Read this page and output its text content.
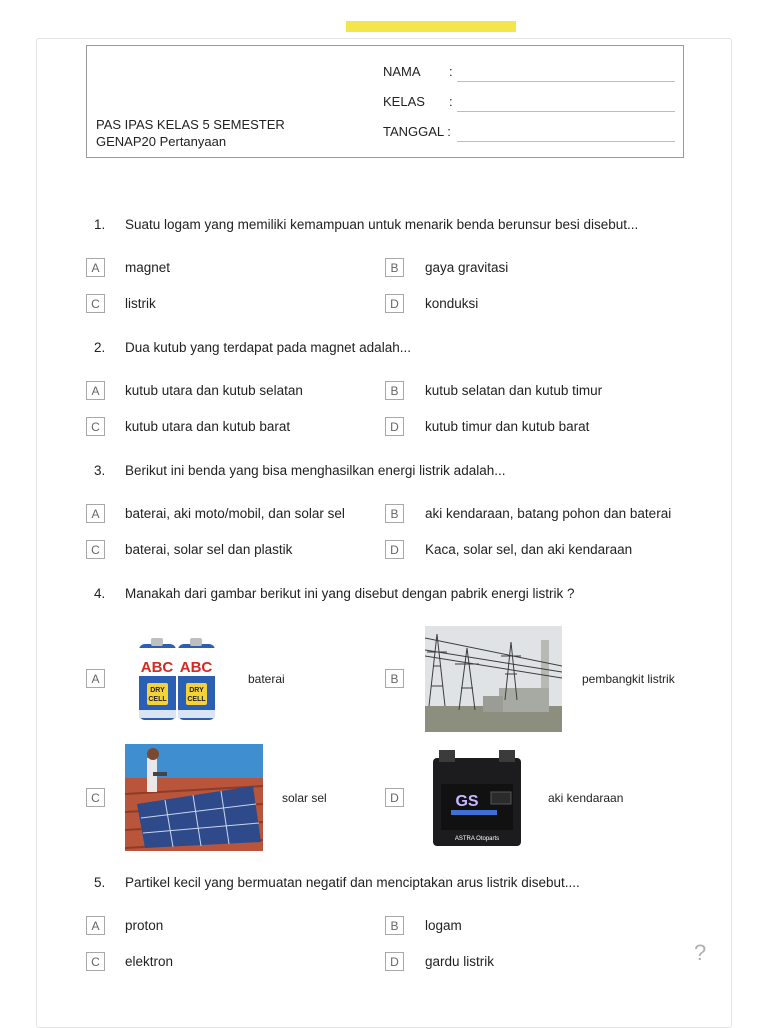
PAS IPAS KELAS 5 SEMESTER GENAP20 Pertanyaan
NAMA :
KELAS :
TANGGAL :
1. Suatu logam yang memiliki kemampuan untuk menarik benda berunsur besi disebut...
A	magnet	B	gaya gravitasi
C	listrik	D	konduksi
2. Dua kutub yang terdapat pada magnet adalah...
A	kutub utara dan kutub selatan	B	kutub selatan dan kutub timur
C	kutub utara dan kutub barat	D	kutub timur dan kutub barat
3. Berikut ini benda yang bisa menghasilkan energi listrik adalah...
A	baterai, aki moto/mobil, dan solar sel	B	aki kendaraan, batang pohon dan baterai
C	baterai, solar sel dan plastik	D	Kaca, solar sel, dan aki kendaraan
4. Manakah dari gambar berikut ini yang disebut dengan pabrik energi listrik ?
A
ABC ABC
DRY
CELL
DRY
CELL
baterai	B	pembangkit listrik
C	solar sel	D	GS
ASTRA Otoparts
aki kendaraan
5. Partikel kecil yang bermuatan negatif dan menciptakan arus listrik disebut....
A	proton	B	logam
C	elektron	D	gardu listrik	?
